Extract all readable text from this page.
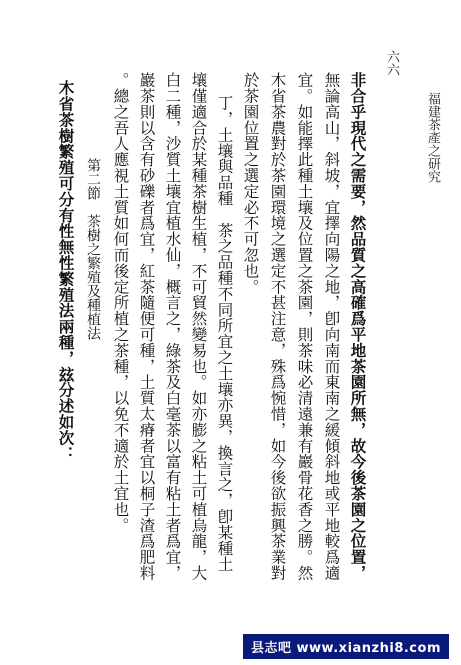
福建茶產之研究
六六
非合乎現代之需要，然品質之高確爲平地茶園所無，故今後茶園之位置，
無論高山，斜坡，宜擇向陽之地，卽向南而東南之緩傾斜地或平地較爲適
宜。如能擇此種土壤及位置之茶園，則茶味必清遠兼有巖骨花香之勝。然
木省茶農對於茶園環境之選定不甚注意，殊爲惋惜，如今後欲振興茶業對
於茶園位置之選定必不可忽也。
丁，土壤與品種　茶之品種不同所宜之土壤亦異，換言之，卽某種土
壤僅適合於某種茶樹生植，不可貿然變易也。如亦膨之粘土可植烏龍，大
白二種，沙質土壤宜植水仙，概言之，綠茶及白毫茶以富有粘土者爲宜，
巖茶則以含有砂礫者爲宜，紅茶隨便可種，土質太瘠者宜以桐子渣爲肥料
。總之吾人應視土質如何而後定所植之茶種，以免不適於土宜也。
第二節　茶樹之繁殖及種植法
木省茶樹繁殖可分有性無性繁殖法兩種，玆分述如次：
县志吧 www.xianzhi8.com
